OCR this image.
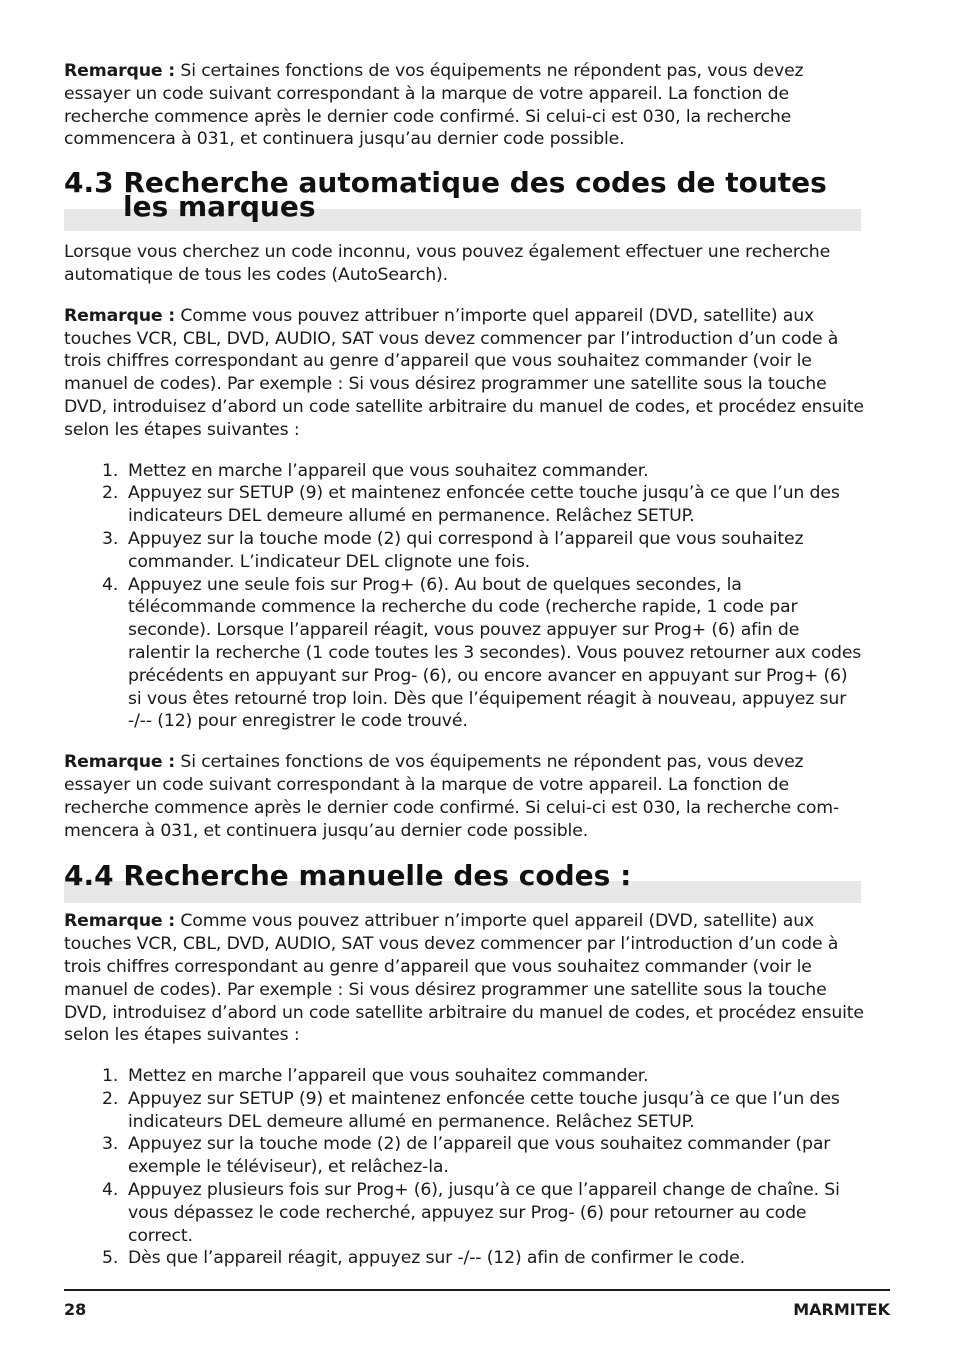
Remarque : Si certaines fonctions de vos équipements ne répondent pas, vous devez essayer un code suivant correspondant à la marque de votre appareil. La fonction de recherche commence après le dernier code confirmé. Si celui-ci est 030, la recherche commencera à 031, et continuera jusqu’au dernier code possible.

4.3 Recherche automatique des codes de toutes
les marques

Lorsque vous cherchez un code inconnu, vous pouvez également effectuer une recherche automatique de tous les codes (AutoSearch).

Remarque : Comme vous pouvez attribuer n’importe quel appareil (DVD, satellite) aux touches VCR, CBL, DVD, AUDIO, SAT vous devez commencer par l’introduction d’un code à trois chiffres correspondant au genre d’appareil que vous souhaitez commander (voir le manuel de codes). Par exemple : Si vous désirez programmer une satellite sous la touche DVD, introduisez d’abord un code satellite arbitraire du manuel de codes, et procédez ensuite selon les étapes suivantes :

1. Mettez en marche l’appareil que vous souhaitez commander.
2. Appuyez sur SETUP (9) et maintenez enfoncée cette touche jusqu’à ce que l’un des indicateurs DEL demeure allumé en permanence. Relâchez SETUP.
3. Appuyez sur la touche mode (2) qui correspond à l’appareil que vous souhaitez commander. L’indicateur DEL clignote une fois.
4. Appuyez une seule fois sur Prog+ (6). Au bout de quelques secondes, la télécommande commence la recherche du code (recherche rapide, 1 code par seconde). Lorsque l’appareil réagit, vous pouvez appuyer sur Prog+ (6) afin de ralentir la recherche (1 code toutes les 3 secondes). Vous pouvez retourner aux codes précédents en appuyant sur Prog- (6), ou encore avancer en appuyant sur Prog+ (6) si vous êtes retourné trop loin. Dès que l’équipement réagit à nouveau, appuyez sur -/-- (12) pour enregistrer le code trouvé.

Remarque : Si certaines fonctions de vos équipements ne répondent pas, vous devez essayer un code suivant correspondant à la marque de votre appareil. La fonction de recherche commence après le dernier code confirmé. Si celui-ci est 030, la recherche com-mencera à 031, et continuera jusqu’au dernier code possible.

4.4 Recherche manuelle des codes :

Remarque : Comme vous pouvez attribuer n’importe quel appareil (DVD, satellite) aux touches VCR, CBL, DVD, AUDIO, SAT vous devez commencer par l’introduction d’un code à trois chiffres correspondant au genre d’appareil que vous souhaitez commander (voir le manuel de codes). Par exemple : Si vous désirez programmer une satellite sous la touche DVD, introduisez d’abord un code satellite arbitraire du manuel de codes, et procédez ensuite selon les étapes suivantes :

1. Mettez en marche l’appareil que vous souhaitez commander.
2. Appuyez sur SETUP (9) et maintenez enfoncée cette touche jusqu’à ce que l’un des indicateurs DEL demeure allumé en permanence. Relâchez SETUP.
3. Appuyez sur la touche mode (2) de l’appareil que vous souhaitez commander (par exemple le téléviseur), et relâchez-la.
4. Appuyez plusieurs fois sur Prog+ (6), jusqu’à ce que l’appareil change de chaîne. Si vous dépassez le code recherché, appuyez sur Prog- (6) pour retourner au code correct.
5. Dès que l’appareil réagit, appuyez sur -/-- (12) afin de confirmer le code.
28	MARMITEK
